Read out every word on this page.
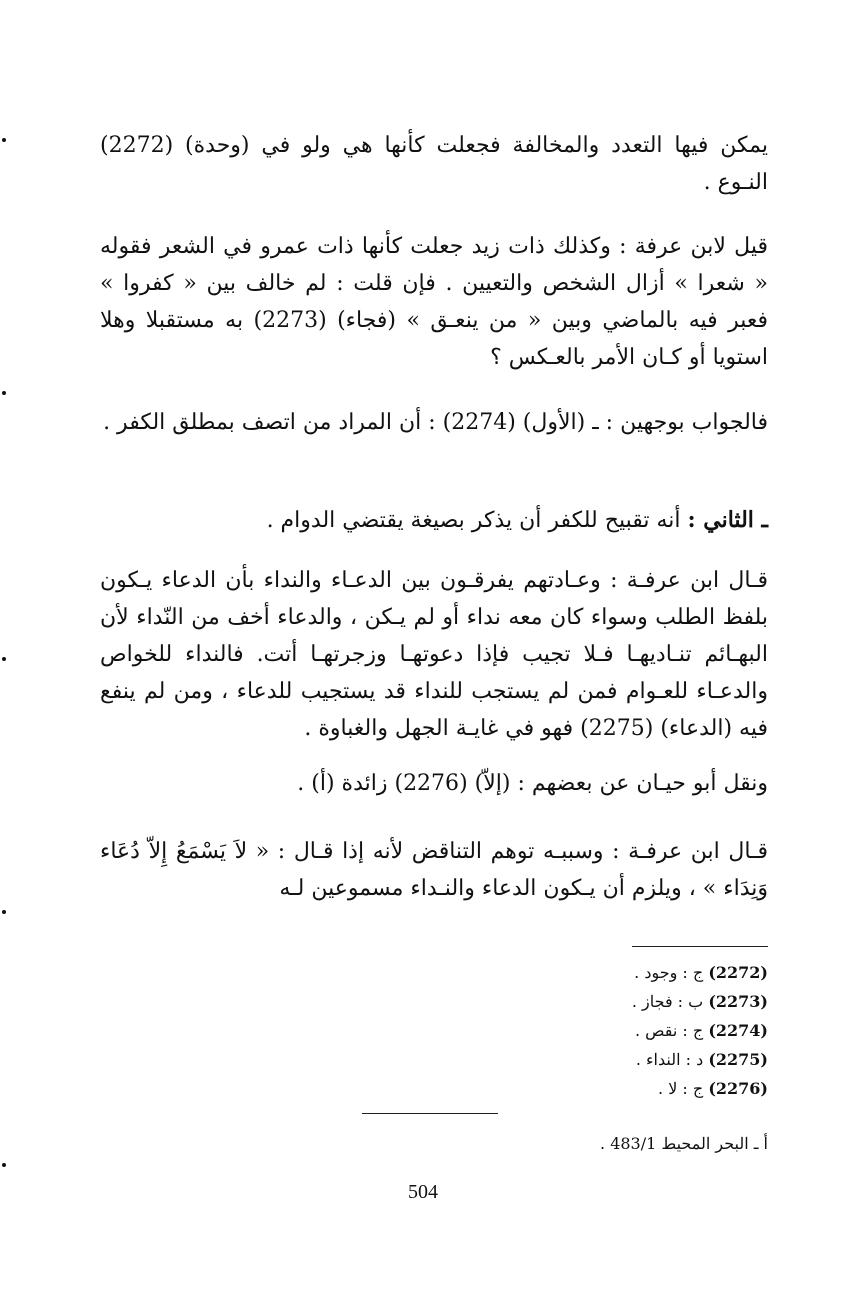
يمكن فيها التعدد والمخالفة فجعلت كأنها هي ولو في (وحدة) (2272) النـوع .

قيل لابن عرفة : وكذلك ذات زيد جعلت كأنها ذات عمرو في الشعر فقوله « شعرا » أزال الشخص والتعيين . فإن قلت : لم خالف بين « كفروا » فعبر فيه بالماضي وبين « من ينعـق » (فجاء) (2273) به مستقبلا وهلا استويا أو كـان الأمر بالعـكس ؟

فالجواب بوجهين : ـ (الأول) (2274) : أن المراد من اتصف بمطلق الكفر .

ـ الثاني : أنه تقبيح للكفر أن يذكر بصيغة يقتضي الدوام .

قـال ابن عرفـة : وعـادتهم يفرقـون بين الدعـاء والنداء بأن الدعاء يـكون بلفظ الطلب وسواء كان معه نداء أو لم يـكن ، والدعاء أخف من النّداء لأن البهـائم تنـاديهـا فـلا تجيب فإذا دعوتهـا وزجرتهـا أتت. فالنداء للخواص والدعـاء للعـوام فمن لم يستجب للنداء قد يستجيب للدعاء ، ومن لم ينفع فيه (الدعاء) (2275) فهو في غايـة الجهل والغباوة .

ونقل أبو حيـان عن بعضهم : (إلاّ) (2276) زائدة (أ) .

قـال ابن عرفـة : وسببـه توهم التناقض لأنه إذا قـال : « لاَ يَسْمَعُ إِلاّ دُعَاء وَنِدَاء » ، ويلزم أن يـكون الدعاء والنـداء مسموعين لـه

(2272) ج : وجود .
(2273) ب : فجاز .
(2274) ج : نقص .
(2275) د : النداء .
(2276) ج : لا .
أ ـ البحر المحيط 483/1 .
504
